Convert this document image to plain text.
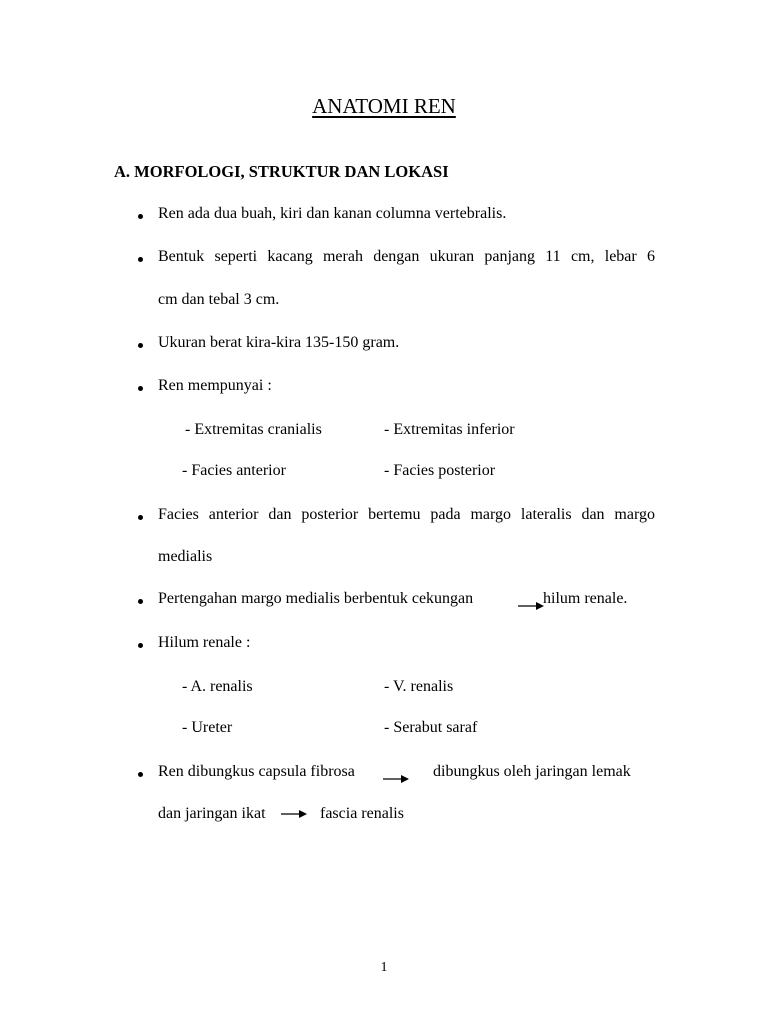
ANATOMI REN
A. MORFOLOGI, STRUKTUR DAN LOKASI
Ren ada dua buah, kiri dan kanan columna vertebralis.
Bentuk seperti kacang merah dengan ukuran panjang 11 cm, lebar 6
cm dan tebal 3 cm.
Ukuran berat kira-kira 135-150 gram.
Ren mempunyai :
- Extremitas cranialis	- Extremitas inferior
- Facies anterior	- Facies posterior
Facies anterior dan posterior bertemu pada margo lateralis dan margo
medialis
Pertengahan margo medialis berbentuk cekungan	hilum renale.
Hilum renale :
- A. renalis	- V. renalis
- Ureter	- Serabut saraf
Ren dibungkus capsula fibrosa	dibungkus oleh jaringan lemak
dan jaringan ikat	fascia renalis
1
